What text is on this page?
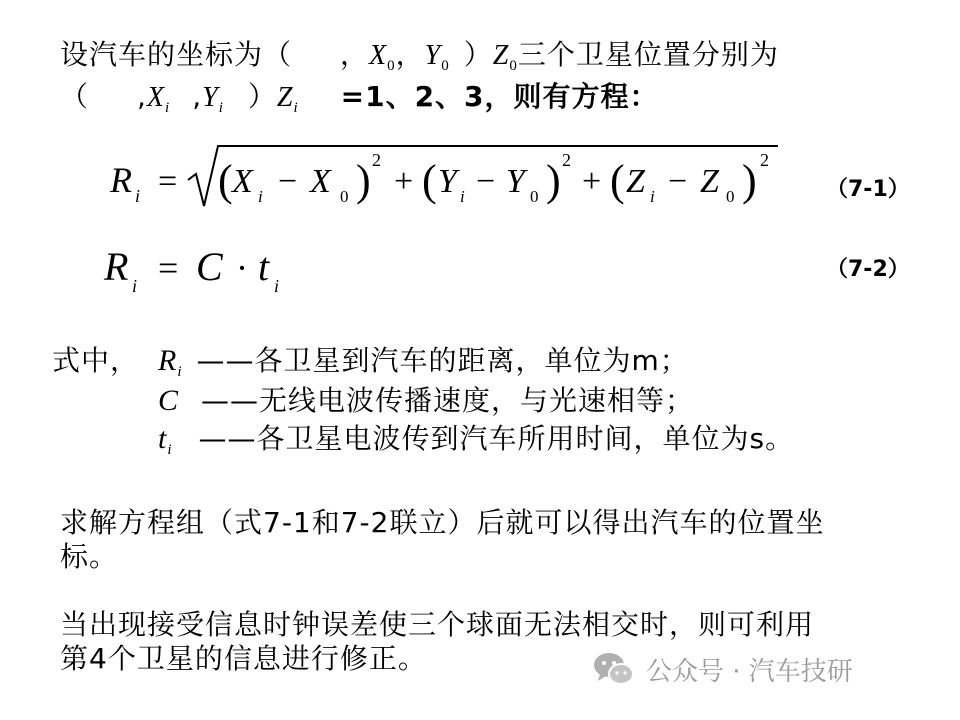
设汽车的坐标为（ ，$X_0$，$Y_0$ ）$Z_0$三个卫星位置分别为
（ $,X_i$ $,Y_i$ ）$Z_i =1$、2、3，则有方程：
R i = ( X i − X 0 ) 2
+ ( Y i − Y 0 ) 2
+ ( Z i − Z 0 ) 2
（7-1）
R i = C · t i
（7-2）
式中， $R_i$ ——各卫星到汽车的距离，单位为m；
C ——无线电波传播速度，与光速相等；
$t_i$ ——各卫星电波传到汽车所用时间，单位为s。
求解方程组（式7-1和7-2联立）后就可以得出汽车的位置坐
标。
当出现接受信息时钟误差使三个球面无法相交时，则可利用
第4个卫星的信息进行修正。	公众号 · 汽车技研
